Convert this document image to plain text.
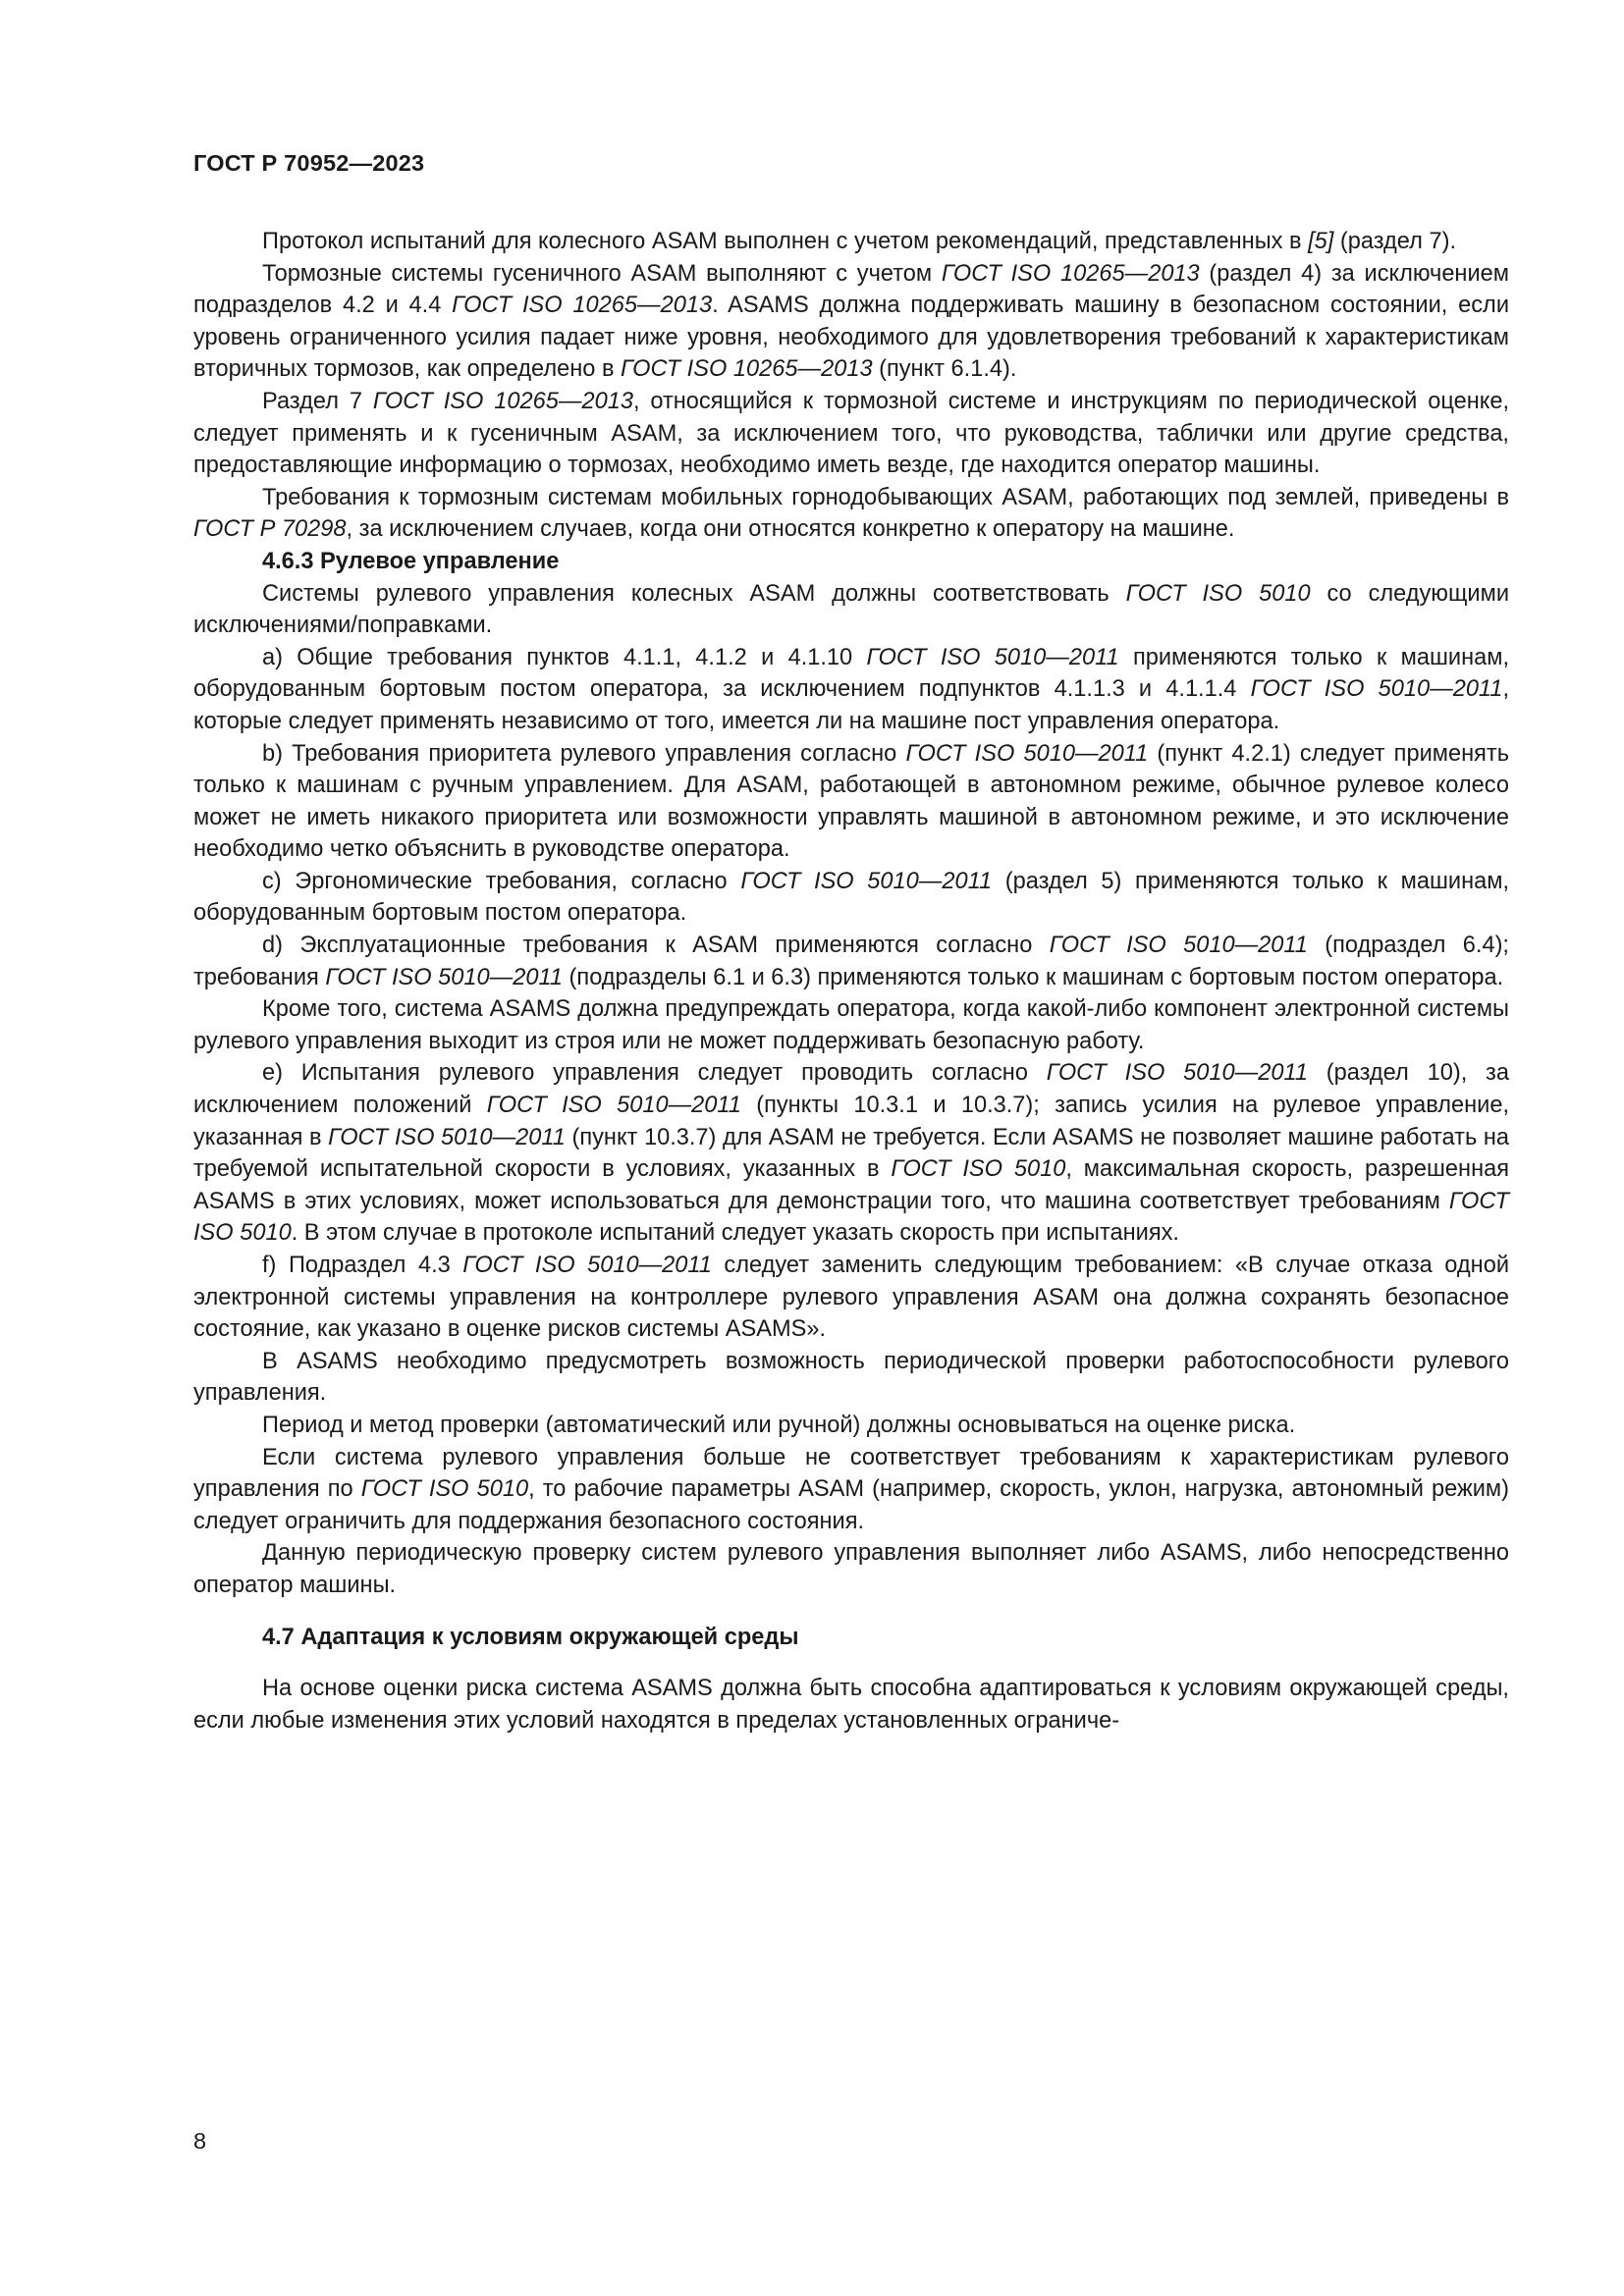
ГОСТ Р 70952—2023

Протокол испытаний для колесного ASAM выполнен с учетом рекомендаций, представленных в [5] (раздел 7).

Тормозные системы гусеничного ASAM выполняют с учетом ГОСТ ISO 10265—2013 (раздел 4) за исключением подразделов 4.2 и 4.4 ГОСТ ISO 10265—2013. ASAMS должна поддерживать машину в безопасном состоянии, если уровень ограниченного усилия падает ниже уровня, необходимого для удовлетворения требований к характеристикам вторичных тормозов, как определено в ГОСТ ISO 10265—2013 (пункт 6.1.4).

Раздел 7 ГОСТ ISO 10265—2013, относящийся к тормозной системе и инструкциям по периодической оценке, следует применять и к гусеничным ASAM, за исключением того, что руководства, таблички или другие средства, предоставляющие информацию о тормозах, необходимо иметь везде, где находится оператор машины.

Требования к тормозным системам мобильных горнодобывающих ASAM, работающих под землей, приведены в ГОСТ Р 70298, за исключением случаев, когда они относятся конкретно к оператору на машине.

4.6.3 Рулевое управление

Системы рулевого управления колесных ASAM должны соответствовать ГОСТ ISO 5010 со следующими исключениями/поправками.

a) Общие требования пунктов 4.1.1, 4.1.2 и 4.1.10 ГОСТ ISO 5010—2011 применяются только к машинам, оборудованным бортовым постом оператора, за исключением подпунктов 4.1.1.3 и 4.1.1.4 ГОСТ ISO 5010—2011, которые следует применять независимо от того, имеется ли на машине пост управления оператора.

b) Требования приоритета рулевого управления согласно ГОСТ ISO 5010—2011 (пункт 4.2.1) следует применять только к машинам с ручным управлением. Для ASAM, работающей в автономном режиме, обычное рулевое колесо может не иметь никакого приоритета или возможности управлять машиной в автономном режиме, и это исключение необходимо четко объяснить в руководстве оператора.

c) Эргономические требования, согласно ГОСТ ISO 5010—2011 (раздел 5) применяются только к машинам, оборудованным бортовым постом оператора.

d) Эксплуатационные требования к ASAM применяются согласно ГОСТ ISO 5010—2011 (подраздел 6.4); требования ГОСТ ISO 5010—2011 (подразделы 6.1 и 6.3) применяются только к машинам с бортовым постом оператора.

Кроме того, система ASAMS должна предупреждать оператора, когда какой-либо компонент электронной системы рулевого управления выходит из строя или не может поддерживать безопасную работу.

e) Испытания рулевого управления следует проводить согласно ГОСТ ISO 5010—2011 (раздел 10), за исключением положений ГОСТ ISO 5010—2011 (пункты 10.3.1 и 10.3.7); запись усилия на рулевое управление, указанная в ГОСТ ISO 5010—2011 (пункт 10.3.7) для ASAM не требуется. Если ASAMS не позволяет машине работать на требуемой испытательной скорости в условиях, указанных в ГОСТ ISO 5010, максимальная скорость, разрешенная ASAMS в этих условиях, может использоваться для демонстрации того, что машина соответствует требованиям ГОСТ ISO 5010. В этом случае в протоколе испытаний следует указать скорость при испытаниях.

f) Подраздел 4.3 ГОСТ ISO 5010—2011 следует заменить следующим требованием: «В случае отказа одной электронной системы управления на контроллере рулевого управления ASAM она должна сохранять безопасное состояние, как указано в оценке рисков системы ASAMS».

В ASAMS необходимо предусмотреть возможность периодической проверки работоспособности рулевого управления.

Период и метод проверки (автоматический или ручной) должны основываться на оценке риска.

Если система рулевого управления больше не соответствует требованиям к характеристикам рулевого управления по ГОСТ ISO 5010, то рабочие параметры ASAM (например, скорость, уклон, нагрузка, автономный режим) следует ограничить для поддержания безопасного состояния.

Данную периодическую проверку систем рулевого управления выполняет либо ASAMS, либо непосредственно оператор машины.

4.7 Адаптация к условиям окружающей среды

На основе оценки риска система ASAMS должна быть способна адаптироваться к условиям окружающей среды, если любые изменения этих условий находятся в пределах установленных ограниче-

8
